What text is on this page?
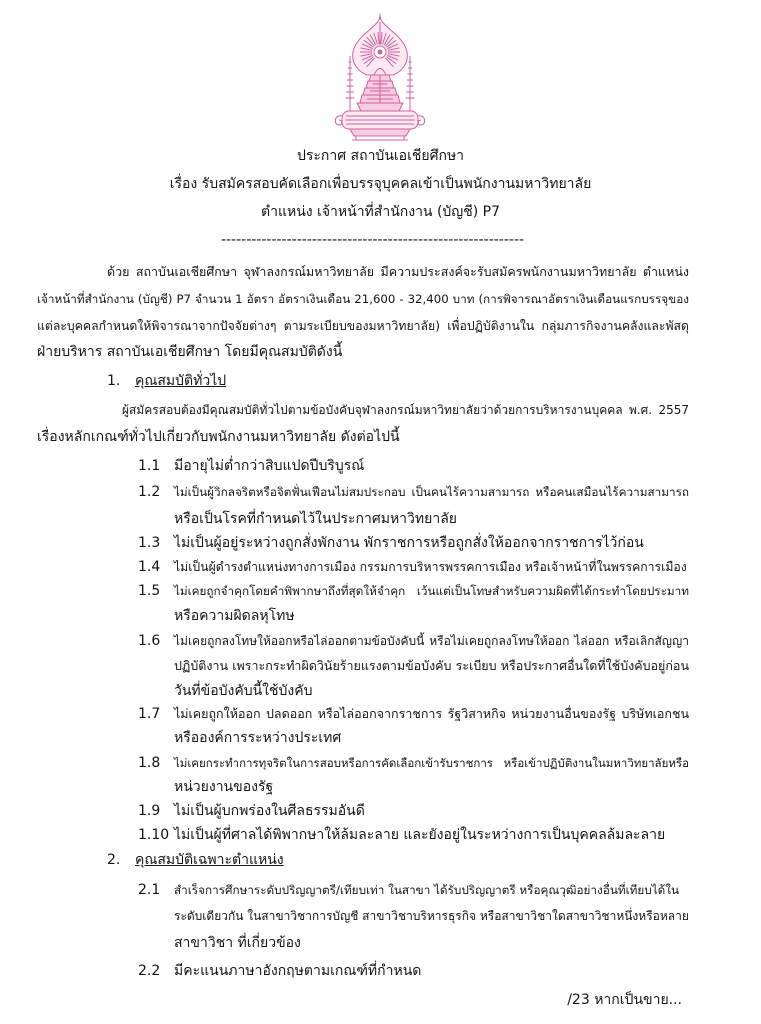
ประกาศ สถาบันเอเชียศึกษา
เรื่อง รับสมัครสอบคัดเลือกเพื่อบรรจุบุคคลเข้าเป็นพนักงานมหาวิทยาลัย
ตำแหน่ง เจ้าหน้าที่สำนักงาน (บัญชี) P7
------------------------------------------------------------
ด้วย สถาบันเอเชียศึกษา จุฬาลงกรณ์มหาวิทยาลัย มีความประสงค์จะรับสมัครพนักงานมหาวิทยาลัย ตำแหน่ง
เจ้าหน้าที่สำนักงาน (บัญชี) P7 จำนวน 1 อัตรา อัตราเงินเดือน 21,600 - 32,400 บาท (การพิจารณาอัตราเงินเดือนแรกบรรจุของ
แต่ละบุคคลกำหนดให้พิจารณาจากปัจจัยต่างๆ ตามระเบียบของมหาวิทยาลัย) เพื่อปฏิบัติงานใน กลุ่มภารกิจงานคลังและพัสดุ
ฝ่ายบริหาร สถาบันเอเชียศึกษา โดยมีคุณสมบัติดังนี้
1. คุณสมบัติทั่วไป
ผู้สมัครสอบต้องมีคุณสมบัติทั่วไปตามข้อบังคับจุฬาลงกรณ์มหาวิทยาลัยว่าด้วยการบริหารงานบุคคล พ.ศ. 2557
เรื่องหลักเกณฑ์ทั่วไปเกี่ยวกับพนักงานมหาวิทยาลัย ดังต่อไปนี้
1.1 มีอายุไม่ต่ำกว่าสิบแปดปีบริบูรณ์
1.2 ไม่เป็นผู้วิกลจริตหรือจิตฟั่นเฟือนไม่สมประกอบ เป็นคนไร้ความสามารถ หรือคนเสมือนไร้ความสามารถ
หรือเป็นโรคที่กำหนดไว้ในประกาศมหาวิทยาลัย
1.3 ไม่เป็นผู้อยู่ระหว่างถูกสั่งพักงาน พักราชการหรือถูกสั่งให้ออกจากราชการไว้ก่อน
1.4 ไม่เป็นผู้ดำรงตำแหน่งทางการเมือง กรรมการบริหารพรรคการเมือง หรือเจ้าหน้าที่ในพรรคการเมือง
1.5 ไม่เคยถูกจำคุกโดยคำพิพากษาถึงที่สุดให้จำคุก เว้นแต่เป็นโทษสำหรับความผิดที่ได้กระทำโดยประมาท
หรือความผิดลหุโทษ
1.6 ไม่เคยถูกลงโทษให้ออกหรือไล่ออกตามข้อบังคับนี้ หรือไม่เคยถูกลงโทษให้ออก ไล่ออก หรือเลิกสัญญา
ปฏิบัติงาน เพราะกระทำผิดวินัยร้ายแรงตามข้อบังคับ ระเบียบ หรือประกาศอื่นใดที่ใช้บังคับอยู่ก่อน
วันที่ข้อบังคับนี้ใช้บังคับ
1.7 ไม่เคยถูกให้ออก ปลดออก หรือไล่ออกจากราชการ รัฐวิสาหกิจ หน่วยงานอื่นของรัฐ บริษัทเอกชน
หรือองค์การระหว่างประเทศ
1.8 ไม่เคยกระทำการทุจริตในการสอบหรือการคัดเลือกเข้ารับราชการ หรือเข้าปฏิบัติงานในมหาวิทยาลัยหรือ
หน่วยงานของรัฐ
1.9 ไม่เป็นผู้บกพร่องในศีลธรรมอันดี
1.10 ไม่เป็นผู้ที่ศาลได้พิพากษาให้ล้มละลาย และยังอยู่ในระหว่างการเป็นบุคคลล้มละลาย
2. คุณสมบัติเฉพาะตำแหน่ง
2.1 สำเร็จการศึกษาระดับปริญญาตรี/เทียบเท่า ในสาขา ได้รับปริญญาตรี หรือคุณวุฒิอย่างอื่นที่เทียบได้ใน
ระดับเดียวกัน ในสาขาวิชาการบัญชี สาขาวิชาบริหารธุรกิจ หรือสาขาวิชาใดสาขาวิชาหนึ่งหรือหลาย
สาขาวิชา ที่เกี่ยวข้อง
2.2 มีคะแนนภาษาอังกฤษตามเกณฑ์ที่กำหนด
/23 หากเป็นขาย...
